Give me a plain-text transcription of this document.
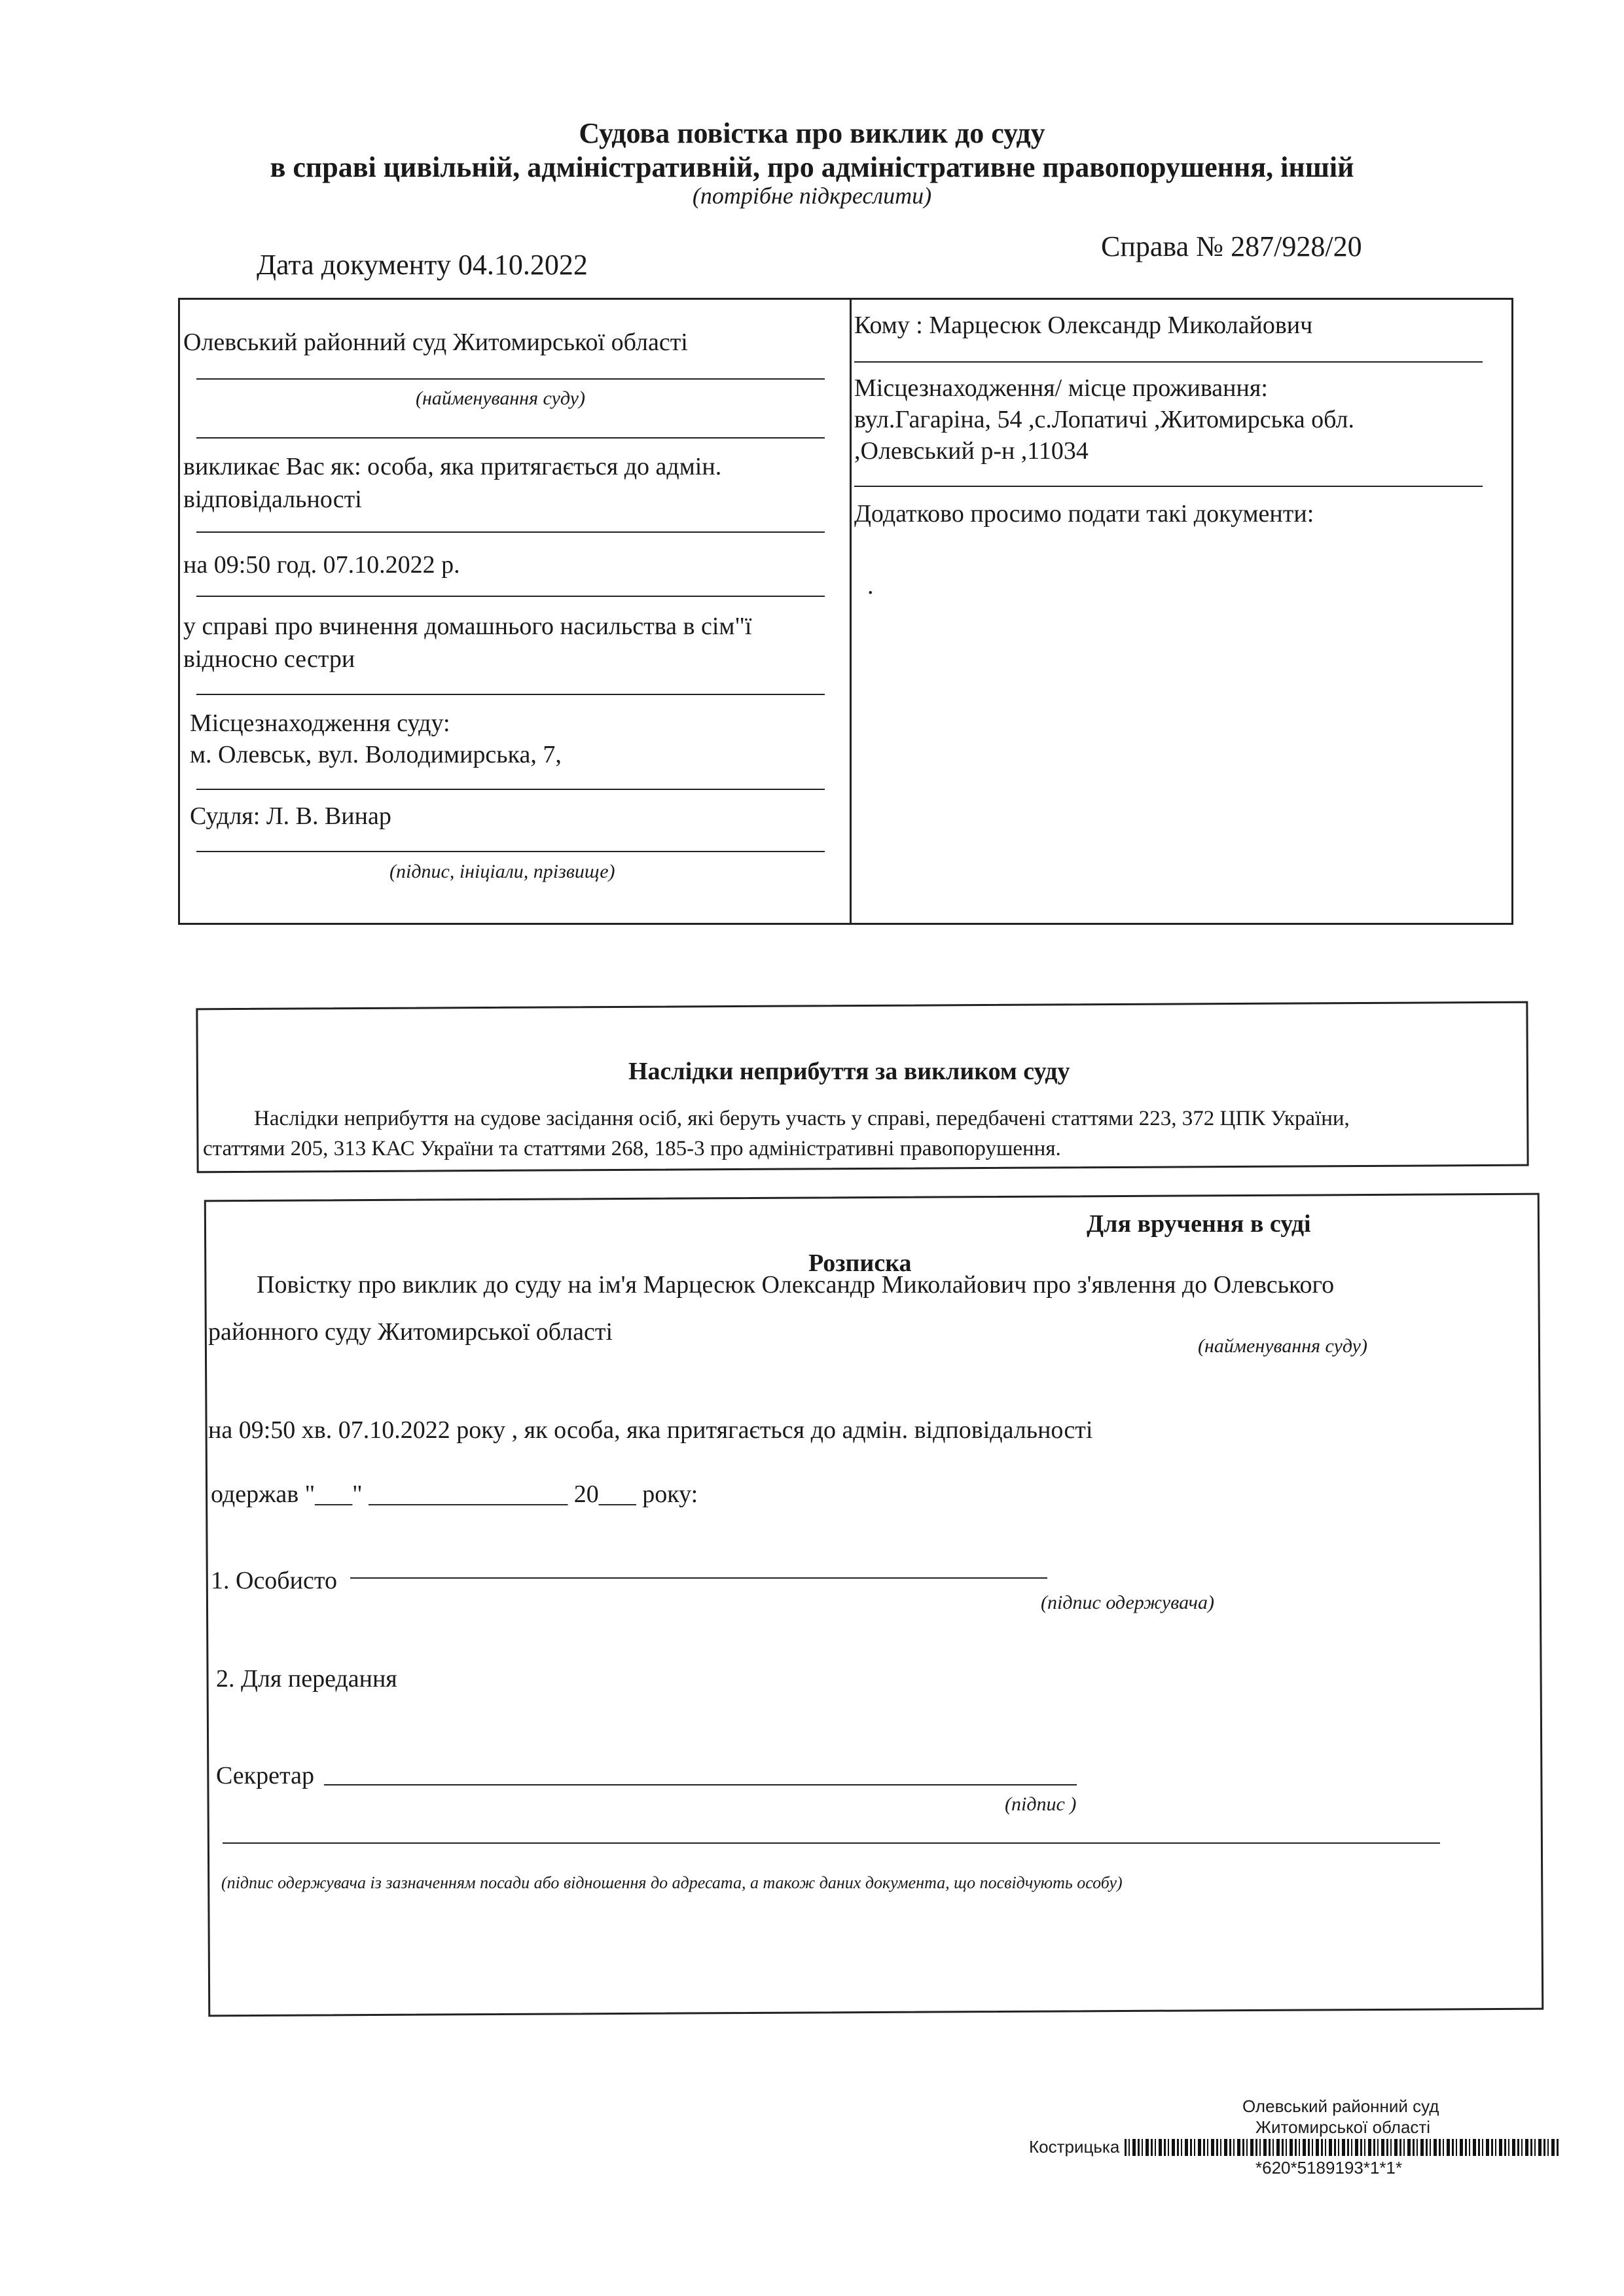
Судова повістка про виклик до суду
в справі цивільній, адміністративній, про адміністративне правопорушення, іншій
(потрібне підкреслити)
Дата документу 04.10.2022
Справа № 287/928/20
Олевський районний суд Житомирської області
(найменування суду)
викликає Вас як: особа, яка притягається до адмін.
відповідальності
на 09:50 год. 07.10.2022 р.
у справі про вчинення домашнього насильства в сім"ї
відносно сестри
Місцезнаходження суду:
м. Олевськ, вул. Володимирська, 7,
Судля: Л. В. Винар
(підпис, ініціали, прізвище)
Кому : Марцесюк Олександр Миколайович
Місцезнаходження/ місце проживання:
вул.Гагаріна, 54 ,с.Лопатичі ,Житомирська обл.
,Олевський р-н ,11034
Додатково просимо подати такі документи:
.
Наслідки неприбуття за викликом суду
Наслідки неприбуття на судове засідання осіб, які беруть участь у справі, передбачені статтями 223, 372 ЦПК України,
статтями 205, 313 КАС України та статтями 268, 185-3 про адміністративні правопорушення.
Для вручення в суді
Розписка
Повістку про виклик до суду на ім'я Марцесюк Олександр Миколайович про з'явлення до Олевського
районного суду Житомирської області
(найменування суду)
на 09:50 хв. 07.10.2022 року , як особа, яка притягається до адмін. відповідальності
одержав "___" ________________ 20___ року:
1. Особисто
(підпис одержувача)
2. Для передання
Секретар
(підпис )
(підпис одержувача із зазначенням посади або відношення до адресата, а також даних документа, що посвідчують особу)
Олевський районний суд
Житомирської області
Кострицька
*620*5189193*1*1*
